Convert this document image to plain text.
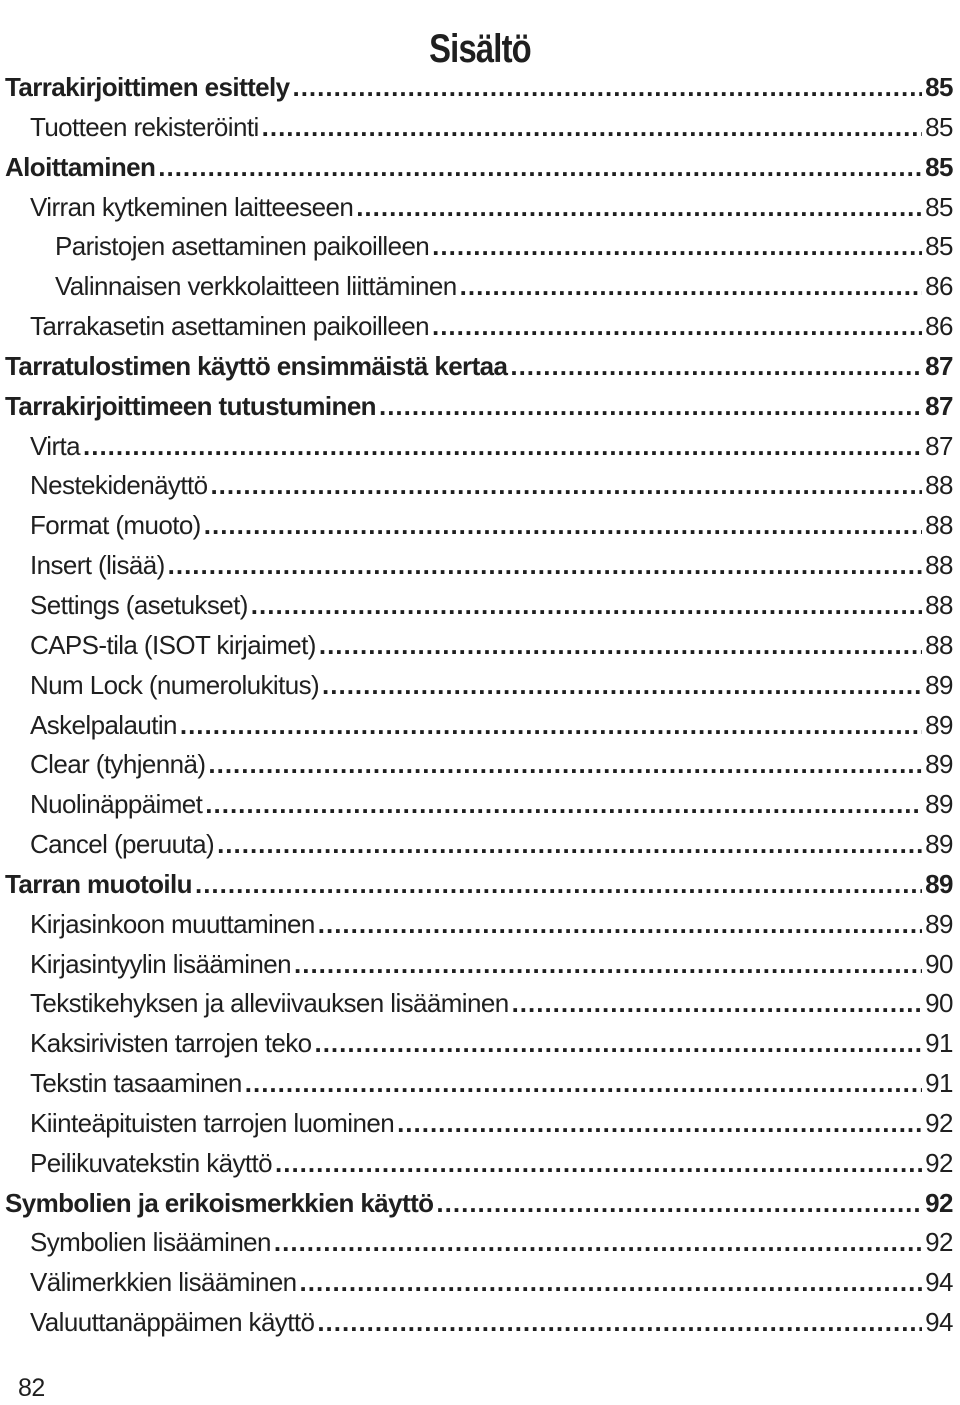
Sisältö
Tarrakirjoittimen esittely .....	85
Tuotteen rekisteröinti .....	85
Aloittaminen .....	85
Virran kytkeminen laitteeseen .....	85
Paristojen asettaminen paikoilleen .....	85
Valinnaisen verkkolaitteen liittäminen .....	86
Tarrakasetin asettaminen paikoilleen .....	86
Tarratulostimen käyttö ensimmäistä kertaa .....	87
Tarrakirjoittimeen tutustuminen .....	87
Virta .....	87
Nestekidenäyttö .....	88
Format (muoto) .....	88
Insert (lisää) .....	88
Settings (asetukset) .....	88
CAPS-tila (ISOT kirjaimet) .....	88
Num Lock (numerolukitus) .....	89
Askelpalautin .....	89
Clear (tyhjennä) .....	89
Nuolinäppäimet .....	89
Cancel (peruuta) .....	89
Tarran muotoilu .....	89
Kirjasinkoon muuttaminen .....	89
Kirjasintyylin lisääminen .....	90
Tekstikehyksen ja alleviivauksen lisääminen .....	90
Kaksirivisten tarrojen teko .....	91
Tekstin tasaaminen .....	91
Kiinteäpituisten tarrojen luominen .....	92
Peilikuvatekstin käyttö .....	92
Symbolien ja erikoismerkkien käyttö .....	92
Symbolien lisääminen .....	92
Välimerkkien lisääminen .....	94
Valuuttanäppäimen käyttö .....	94
82
